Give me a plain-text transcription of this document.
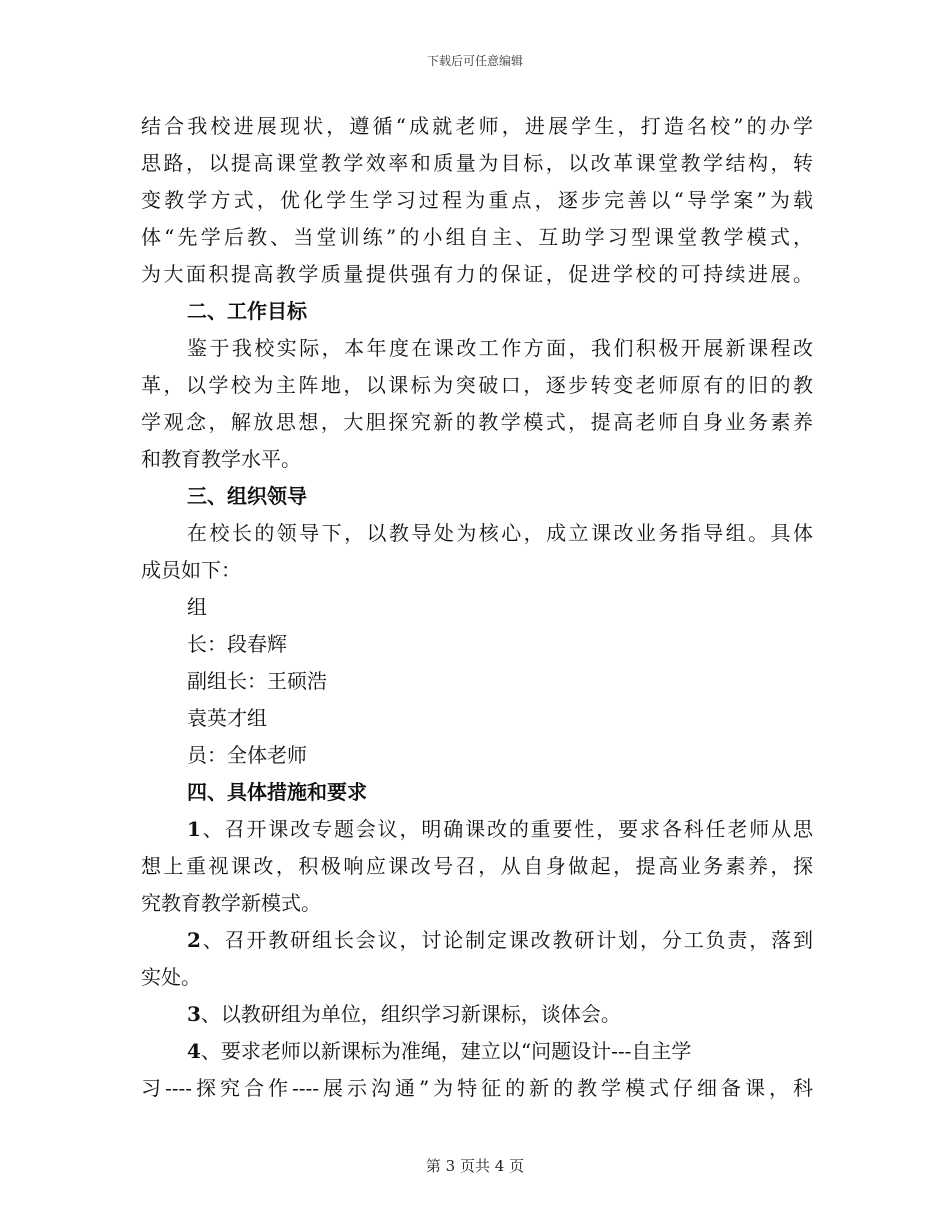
下载后可任意编辑
结合我校进展现状，遵循“成就老师，进展学生，打造名校”的办学
思路，以提高课堂教学效率和质量为目标，以改革课堂教学结构，转
变教学方式，优化学生学习过程为重点，逐步完善以“导学案”为载
体“先学后教、当堂训练”的小组自主、互助学习型课堂教学模式，
为大面积提高教学质量提供强有力的保证，促进学校的可持续进展。
二、工作目标
鉴于我校实际，本年度在课改工作方面，我们积极开展新课程改
革，以学校为主阵地，以课标为突破口，逐步转变老师原有的旧的教
学观念，解放思想，大胆探究新的教学模式，提高老师自身业务素养
和教育教学水平。
三、组织领导
在校长的领导下，以教导处为核心，成立课改业务指导组。具体
成员如下：
组
长：段春辉
副组长：王硕浩
袁英才组
员：全体老师
四、具体措施和要求
1、召开课改专题会议，明确课改的重要性，要求各科任老师从思
想上重视课改，积极响应课改号召，从自身做起，提高业务素养，探
究教育教学新模式。
2、召开教研组长会议，讨论制定课改教研计划，分工负责，落到
实处。
3、以教研组为单位，组织学习新课标，谈体会。
4、要求老师以新课标为准绳，建立以“问题设计---自主学
习----探究合作----展示沟通”为特征的新的教学模式仔细备课，科
第 3 页共 4 页
